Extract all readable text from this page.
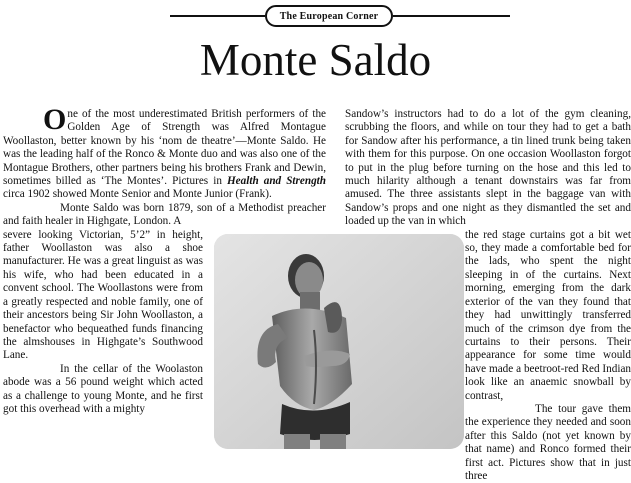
The European Corner
Monte Saldo

One of the most underestimated British performers of the Golden Age of Strength was Alfred Montague Woollaston, better known by his ‘nom de theatre’—Monte Saldo. He was the leading half of the Ronco & Monte duo and was also one of the Montague Brothers, other partners being his brothers Frank and Dewin, sometimes billed as ‘The Montes’. Pictures in Health and Strength circa 1902 showed Monte Senior and Monte Junior (Frank).

Monte Saldo was born 1879, son of a Methodist preacher and faith healer in Highgate, London. A

severe looking Victorian, 5’2” in height, father Woollaston was also a shoe manufacturer. He was a great linguist as was his wife, who had been educated in a convent school. The Woollastons were from a greatly respected and noble family, one of their ancestors being Sir John Woollaston, a benefactor who bequeathed funds financing the almshouses in Highgate’s Southwood Lane.

In the cellar of the Woolaston abode was a 56 pound weight which acted as a challenge to young Monte, and he first got this overhead with a mighty

Sandow’s instructors had to do a lot of the gym cleaning, scrubbing the floors, and while on tour they had to get a bath for Sandow after his performance, a tin lined trunk being taken with them for this purpose. On one occasion Woollaston forgot to put in the plug before turning on the hose and this led to much hilarity although a tenant downstairs was far from amused. The three assistants slept in the baggage van with Sandow’s props and one night as they dismantled the set and loaded up the van in which

the red stage curtains got a bit wet so, they made a comfortable bed for the lads, who spent the night sleeping in of the curtains. Next morning, emerging from the dark exterior of the van they found that they had unwittingly transferred much of the crimson dye from the curtains to their persons. Their appearance for some time would have made a beetroot-red Red Indian look like an anaemic snowball by contrast,

The tour gave them the experience they needed and soon after this Saldo (not yet known by that name) and Ronco formed their first act. Pictures show that in just three
